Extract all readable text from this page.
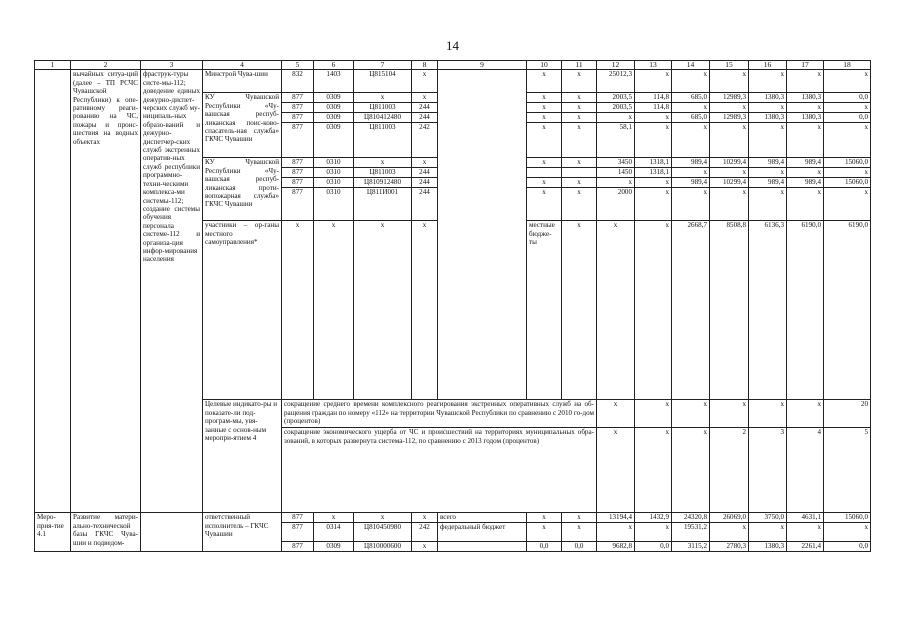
14
1	2	3	4	5	6	7	8	9	10	11	12	13	14	15	16	17	18	
	вычайных ситуа-ций (далее – ТП РСЧС Чувашской Республики) к опе-ративному реаги-рованию на ЧС, пожары и проис-шествия на водных объектах	фраструк-туры систе-мы-112; доведение единых дежурно-диспет-черских служб му-ниципаль-ных образо-ваний и дежурно-диспетчер-ских служб экстренных оператив-ных служб республики программно-техни-ческими комплекса-ми системы-112; создание системы обучения персонала системе-112 и организа-ция инфор-мирования населения	Минстрой Чува-шии	832	1403	Ц815104	х		х	х	25012,3	х	х	х	х	х	х	
			КУ Чувашской Республики «Чу-вашская респуб-ликанская поис-ково-спасатель-ная служба» ГКЧС Чувашии	877	0309	х	х		х	х	2003,5	114,8	685,0	12989,3	1380,3	1380,3	0,0	
				877	0309	Ц811003	244		х	х	2003,5	114,8	х	х	х	х	х	
				877	0309	Ц810412480	244		х	х	х	х	685,0	12989,3	1380,3	1380,3	0,0	
				877	0309	Ц811003	242		х	х	58,1	х	х	х	х	х	х	
			КУ Чувашской Республики «Чу-вашская респуб-ликанская проти-вопожарная служба» ГКЧС Чувашии	877	0310	х	х		х	х	3450	1318,1	989,4	10299,4	989,4	989,4	15060,0	
				877	0310	Ц811003	244				1450	1318,1	х	х	х	х	х	
				877	0310	Ц810912480	244		х	х	х	х	989,4	10299,4	989,4	989,4	15060,0	
				877	0310	Ц811И001	244		х	х	2000	х	х	х	х	х	х	
			участники – ор-ганы местного самоуправления*	х	х	х	х		местные бюдже-ты	х	х	х	2668,7	8508,8	6136,3	6190,0	6190,0	
			Целевые индикато-ры и показате-ли под-програм-мы, увя-занные с основ-ным меропри-ятием 4	сокращение среднего времени комплексного реагирования экстренных оперативных служб на об-ращения граждан по номеру «112» на территории Чувашской Республики по сравнению с 2010 го-дом (процентов)							х	х	х	х	х	х	20			
				сокращение экономического ущерба от ЧС и происшествий на территориях муниципальных обра-зований, в которых развернута система-112, по сравнению с 2013 годом (процентов)							х	х	х	2	3	4	5			
Меро-прия-тие 4.1	Развитие матери-ально-технической базы ГКЧС Чува-шии и подведом-		ответственный исполнитель – ГКЧС Чувашии	877	х	х	х	всего	х	х	13194,4	1432,9	24320,8	26069,0	3750,0	4631,1	15060,0	
				877	0314	Ц810450980	242	федеральный бюджет	х	х	х	х	19531,2	х	х	х	х	
				877	0309	Ц810000600	х		0,0	0,0	9682,8	0,0	3115,2	2780,3	1380,3	2261,4	0,0	
